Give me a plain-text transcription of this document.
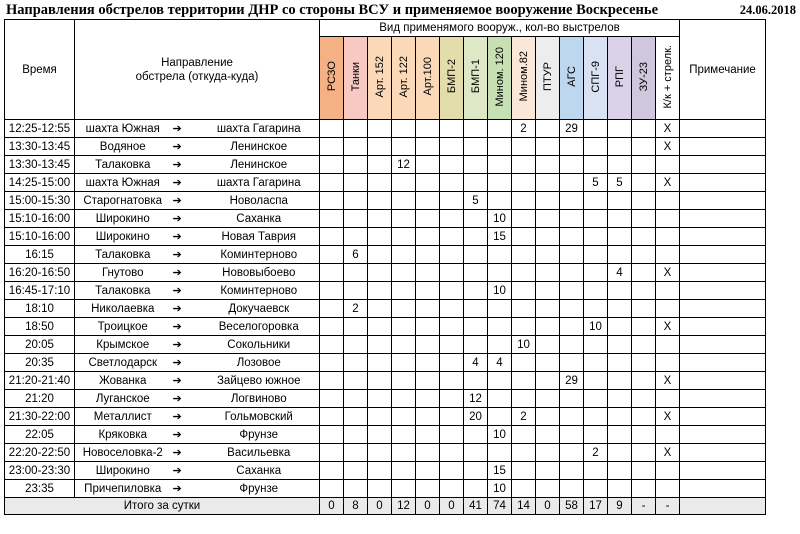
Направления обстрелов территории ДНР со стороны ВСУ и применяемое вооружение Воскресенье	24.06.2018
Время	Направление
обстрела (откуда-куда)			Вид применямого вооруж., кол-во выстрелов															Примечание
				РСЗО	Танки	Арт. 152	Арт. 122	Арт.100	БМП-2	БМП-1	Мином. 120	Мином.82	ПТУР	АГС	СПГ-9	РПГ	ЗУ-23	К/к + стрелк.	
12:25-12:55	шахта Южная	➔	шахта Гагарина									2		29				X	
13:30-13:45	Водяное	➔	Ленинское															X	
13:30-13:45	Талаковка	➔	Ленинское				12												
14:25-15:00	шахта Южная	➔	шахта Гагарина												5	5		X	
15:00-15:30	Старогнатовка	➔	Новоласпа							5									
15:10-16:00	Широкино	➔	Саханка								10								
15:10-16:00	Широкино	➔	Новая Таврия								15								
16:15	Талаковка	➔	Коминтерново		6														
16:20-16:50	Гнутово	➔	Нововыбоево													4		X	
16:45-17:10	Талаковка	➔	Коминтерново								10								
18:10	Николаевка	➔	Докучаевск		2														
18:50	Троицкое	➔	Веселогоровка												10			X	
20:05	Крымское	➔	Сокольники									10							
20:35	Светлодарск	➔	Лозовое							4	4								
21:20-21:40	Жованка	➔	Зайцево южное											29				X	
21:20	Луганское	➔	Логвиново							12									
21:30-22:00	Металлист	➔	Гольмовский							20		2						X	
22:05	Кряковка	➔	Фрунзе								10								
22:20-22:50	Новоселовка-2	➔	Васильевка												2			X	
23:00-23:30	Широкино	➔	Саханка								15								
23:35	Причепиловка	➔	Фрунзе								10								
Итого за сутки				0	8	0	12	0	0	41	74	14	0	58	17	9	-	-	
